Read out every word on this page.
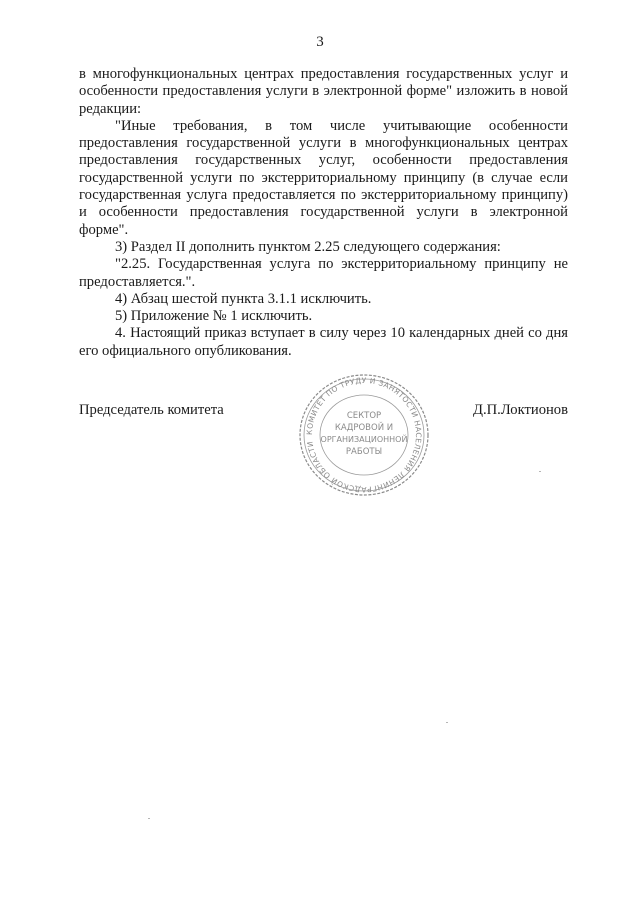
3

в многофункциональных центрах предоставления государственных услуг и особенности предоставления услуги в электронной форме" изложить в новой редакции:

"Иные требования, в том числе учитывающие особенности предоставления государственной услуги в многофункциональных центрах предоставления государственных услуг, особенности предоставления государственной услуги по экстерриториальному принципу (в случае если государственная услуга предоставляется по экстерриториальному принципу) и особенности предоставления государственной услуги в электронной форме".

3) Раздел II дополнить пунктом 2.25 следующего содержания:

"2.25. Государственная услуга по экстерриториальному принципу не предоставляется.".

4) Абзац шестой пункта 3.1.1 исключить.

5) Приложение № 1 исключить.

4. Настоящий приказ вступает в силу через 10 календарных дней со дня его официального опубликования.

Председатель комитета	Д.П.Локтионов
КОМИТЕТ ПО ТРУДУ И ЗАНЯТОСТИ НАСЕЛЕНИЯ ЛЕНИНГРАДСКОЙ ОБЛАСТИ
СЕКТОР
КАДРОВОЙ И
ОРГАНИЗАЦИОННОЙ
РАБОТЫ
